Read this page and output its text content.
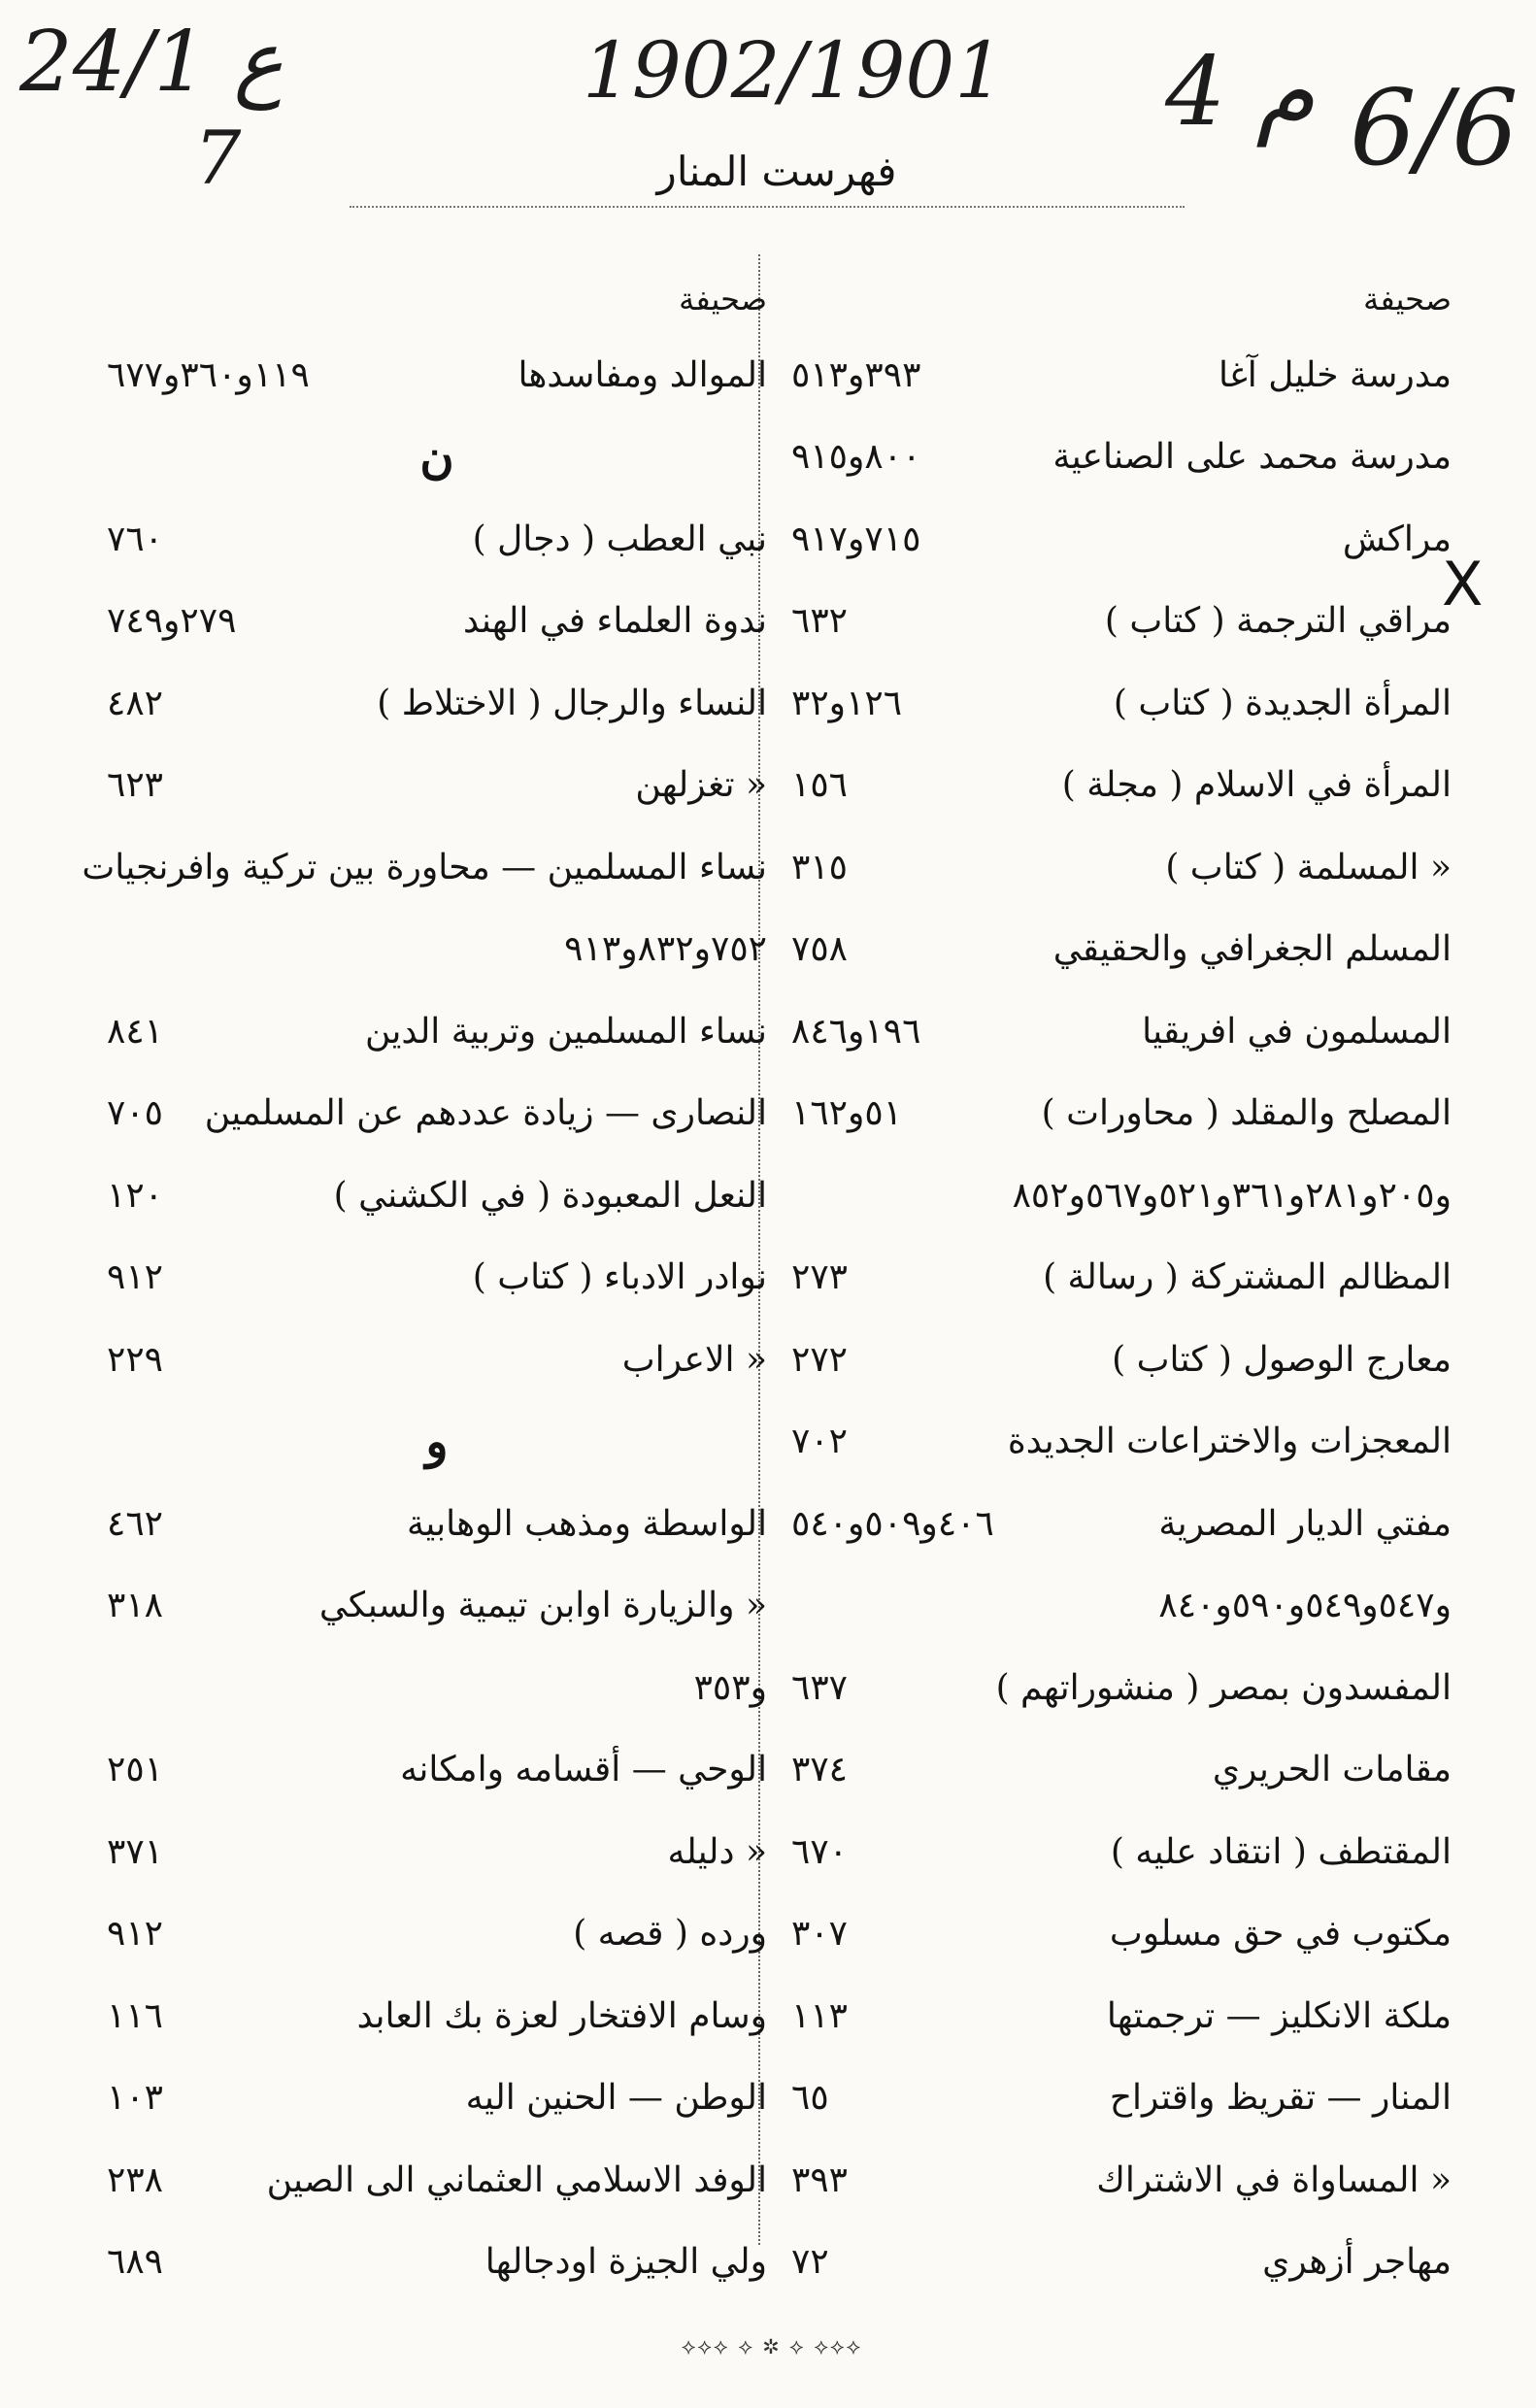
24/1 ع
7
1902/1901 4 م 6/6
X
فهرست المنار
صحيفة
مدرسة خليل آغا
٣٩٣و٥١٣
مدرسة محمد على الصناعية
٨٠٠و٩١٥
مراكش
٧١٥و٩١٧
مراقي الترجمة ( كتاب )
٦٣٢
المرأة الجديدة ( كتاب )
١٢٦و٣٢
المرأة في الاسلام ( مجلة )
١٥٦
« المسلمة ( كتاب )
٣١٥
المسلم الجغرافي والحقيقي
٧٥٨
المسلمون في افريقيا
١٩٦و٨٤٦
المصلح والمقلد ( محاورات )
٥١و١٦٢
و٢٠٥و٢٨١و٣٦١و٥٢١و٥٦٧و٨٥٢
المظالم المشتركة ( رسالة )
٢٧٣
معارج الوصول ( كتاب )
٢٧٢
المعجزات والاختراعات الجديدة
٧٠٢
مفتي الديار المصرية
٤٠٦و٥٠٩و٥٤٠
و٥٤٧و٥٤٩و٥٩٠و٨٤٠
المفسدون بمصر ( منشوراتهم )
٦٣٧
مقامات الحريري
٣٧٤
المقتطف ( انتقاد عليه )
٦٧٠
مكتوب في حق مسلوب
٣٠٧
ملكة الانكليز — ترجمتها
١١٣
المنار — تقريظ واقتراح
٦٥
« المساواة في الاشتراك
٣٩٣
مهاجر أزهري
٧٢
صحيفة
الموالد ومفاسدها
١١٩و٣٦٠و٦٧٧
ن
نبي العطب ( دجال )
٧٦٠
ندوة العلماء في الهند
٢٧٩و٧٤٩
النساء والرجال ( الاختلاط )
٤٨٢
« تغزلهن
٦٢٣
نساء المسلمين — محاورة بين تركية وافرنجيات
٧٥٢و٨٣٢و٩١٣
نساء المسلمين وتربية الدين
٨٤١
النصارى — زيادة عددهم عن المسلمين
٧٠٥
النعل المعبودة ( في الكشني )
١٢٠
نوادر الادباء ( كتاب )
٩١٢
« الاعراب
٢٢٩
و
الواسطة ومذهب الوهابية
٤٦٢
« والزيارة اوابن تيمية والسبكي
٣١٨
و٣٥٣
الوحي — أقسامه وامكانه
٢٥١
« دليله
٣٧١
ورده ( قصه )
٩١٢
وسام الافتخار لعزة بك العابد
١١٦
الوطن — الحنين اليه
١٠٣
الوفد الاسلامي العثماني الى الصين
٢٣٨
ولي الجيزة اودجالها
٦٨٩
⟡⟡⟡ ⟡ ✲ ⟡ ⟡⟡⟡
